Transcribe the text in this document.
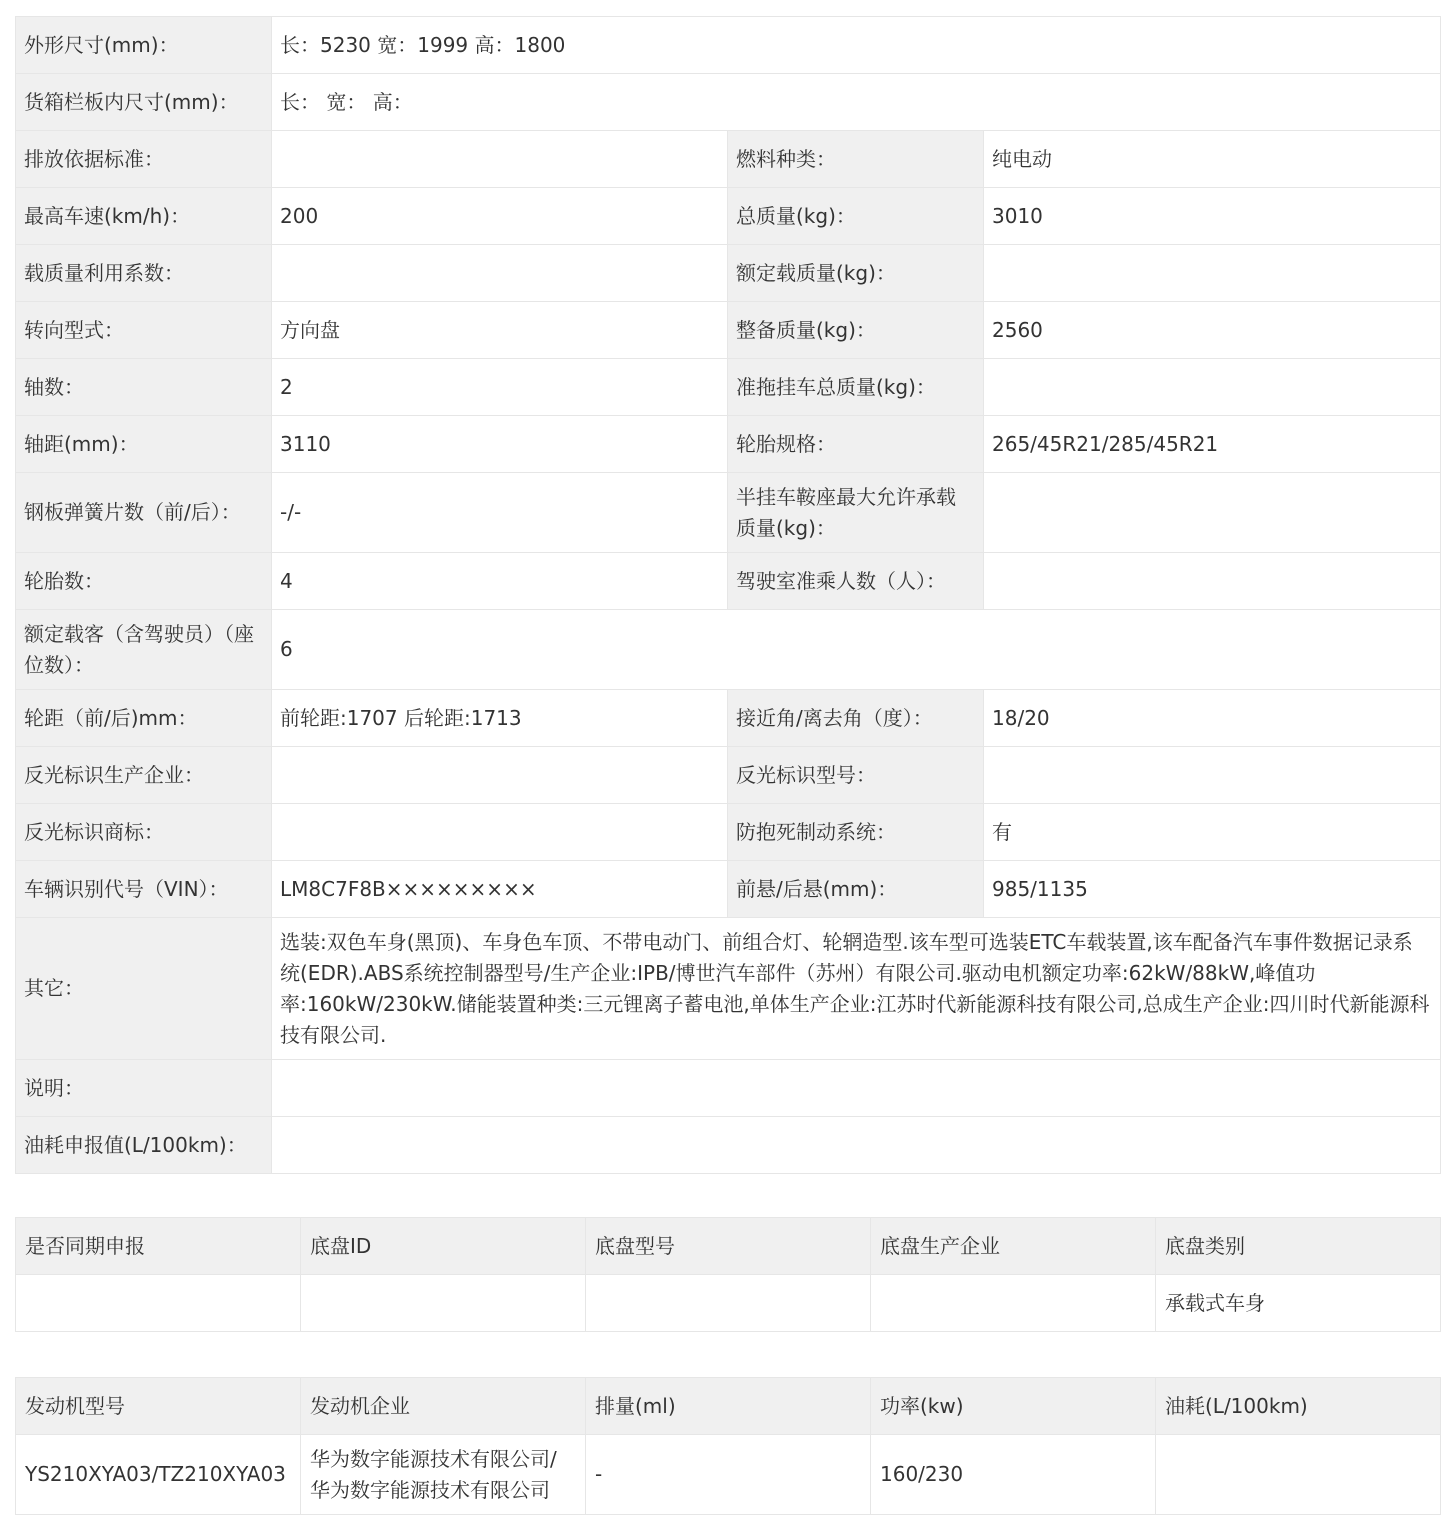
外形尺寸(mm)：	长：5230 宽：1999 高：1800		
货箱栏板内尺寸(mm)：	长： 宽： 高：		
排放依据标准：		燃料种类：	纯电动
最高车速(km/h)：	200	总质量(kg)：	3010
载质量利用系数：		额定载质量(kg)：	
转向型式：	方向盘	整备质量(kg)：	2560
轴数：	2	准拖挂车总质量(kg)：	
轴距(mm)：	3110	轮胎规格：	265/45R21/285/45R21
钢板弹簧片数（前/后）：	-/-	半挂车鞍座最大允许承载质量(kg)：	
轮胎数：	4	驾驶室准乘人数（人）：	
额定载客（含驾驶员）（座位数）：	6		
轮距（前/后)mm：	前轮距:1707 后轮距:1713	接近角/离去角（度）：	18/20
反光标识生产企业：		反光标识型号：	
反光标识商标：		防抱死制动系统：	有
车辆识别代号（VIN）：	LM8C7F8B×××××××××	前悬/后悬(mm)：	985/1135
其它：	选装:双色车身(黑顶)、车身色车顶、不带电动门、前组合灯、轮辋造型.该车型可选装ETC车载装置,该车配备汽车事件数据记录系统(EDR).ABS系统控制器型号/生产企业:IPB/博世汽车部件（苏州）有限公司.驱动电机额定功率:62kW/88kW,峰值功率:160kW/230kW.储能装置种类:三元锂离子蓄电池,单体生产企业:江苏时代新能源科技有限公司,总成生产企业:四川时代新能源科技有限公司.		
说明：			
油耗申报值(L/100km)：			
是否同期申报	底盘ID	底盘型号	底盘生产企业	底盘类别
				承载式车身
发动机型号	发动机企业	排量(ml)	功率(kw)	油耗(L/100km)
YS210XYA03/TZ210XYA03	华为数字能源技术有限公司/华为数字能源技术有限公司	-	160/230	
